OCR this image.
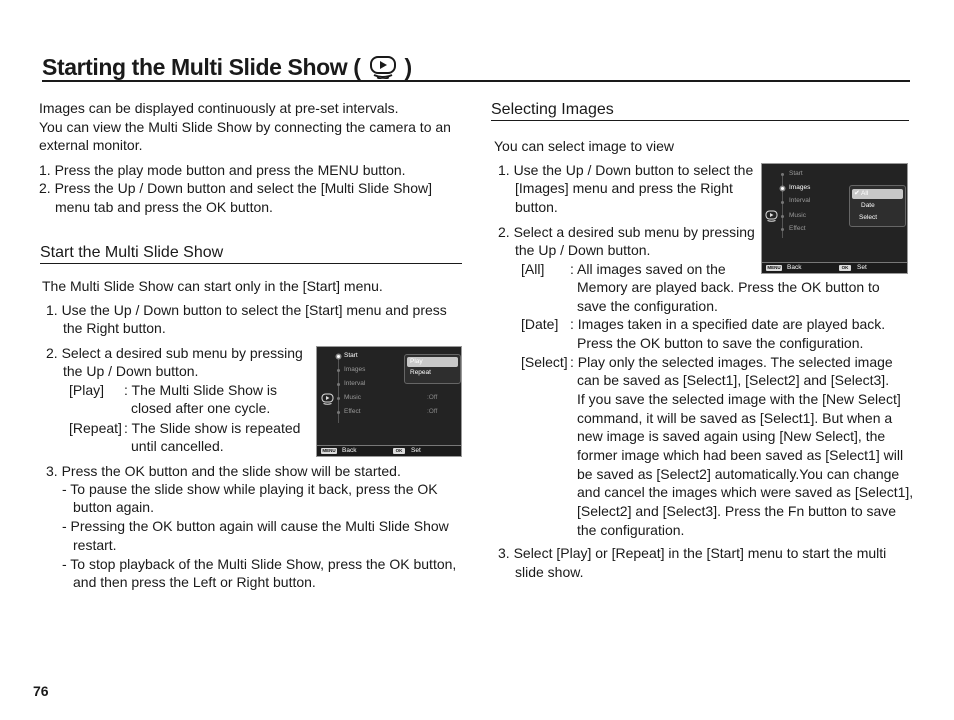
Starting the Multi Slide Show ( )
Images can be displayed continuously at pre-set intervals.
You can view the Multi Slide Show by connecting the camera to an
external monitor.
1. Press the play mode button and press the MENU button.
2. Press the Up / Down button and select the [Multi Slide Show]
menu tab and press the OK button.
Start the Multi Slide Show
The Multi Slide Show can start only in the [Start] menu.
1. Use the Up / Down button to select the [Start] menu and press
the Right button.
2. Select a desired sub menu by pressing
the Up / Down button.
[Play] : The Multi Slide Show is
closed after one cycle.
[Repeat] : The Slide show is repeated
until cancelled.
3. Press the OK button and the slide show will be started.
- To pause the slide show while playing it back, press the OK
button again.
- Pressing the OK button again will cause the Multi Slide Show
restart.
- To stop playback of the Multi Slide Show, press the OK button,
and then press the Left or Right button.
Start
Images
Interval
Music
Effect
Play
Repeat
:Off
:Off
MENU Back	OK	Set
Selecting Images
You can select image to view
1. Use the Up / Down button to select the
[Images] menu and press the Right
button.
2. Select a desired sub menu by pressing
the Up / Down button.
[All] : All images saved on the
Memory are played back. Press the OK button to
save the configuration.
[Date] : Images taken in a specified date are played back.
Press the OK button to save the configuration.
[Select] : Play only the selected images. The selected image
can be saved as [Select1], [Select2] and [Select3].
If you save the selected image with the [New Select]
command, it will be saved as [Select1]. But when a
new image is saved again using [New Select], the
former image which had been saved as [Select1] will
be saved as [Select2] automatically.You can change
and cancel the images which were saved as [Select1],
[Select2] and [Select3]. Press the Fn button to save
the configuration.
3. Select [Play] or [Repeat] in the [Start] menu to start the multi
slide show.
Start
Images
Interval
Music
Effect
✔ All
Date
Select
MENU Back	OK	Set
76
